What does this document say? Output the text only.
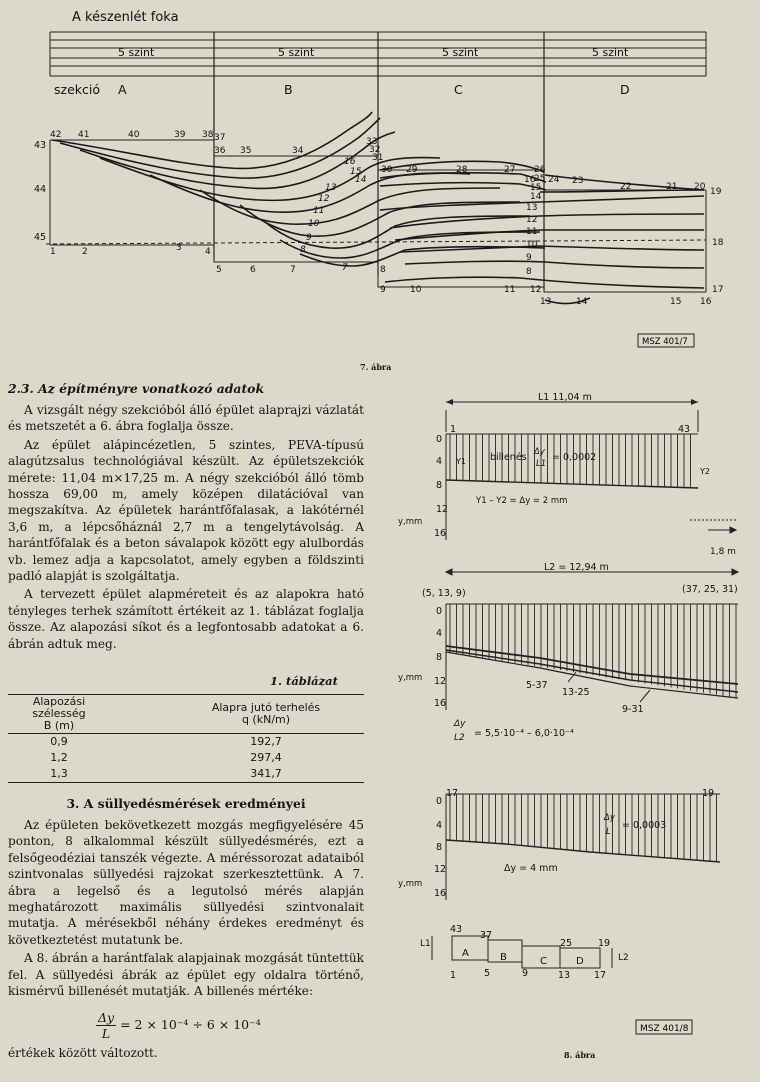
A készenlét foka
5 szint	5 szint	5 szint	5 szint
szekció A	B	C	D
43
44
45
42 41	40	39 38 37
36 35	34
33
32
31
30 29	28	27 26
25 24 23
22	21 20 19
1	2	3	4
5	6	7	8
9	10	11 12
13	14	15 16
17
18
16
15
14
13
12
11
10
9
8
7
16
15
14
13
12
11
10
9
8
MSZ 401/7
7. ábra
2.3. Az építményre vonatkozó adatok

A vizsgált négy szekcióból álló épület alaprajzi vázlatát és metszetét a 6. ábra foglalja össze.

Az épület alápincézetlen, 5 szintes, PEVA-típusú alagútzsalus technológiával készült. Az épületszekciók mérete: 11,04 m×17,25 m. A négy szekcióból álló tömb hossza 69,00 m, amely középen dilatációval van megszakítva. Az épületek harántfőfalasak, a lakótérnél 3,6 m, a lépcsőháznál 2,7 m a tengelytávolság. A harántfőfalak és a beton sávalapok között egy alulbordás vb. lemez adja a kapcsolatot, amely egyben a földszinti padló alapját is szolgáltatja.

A tervezett épület alapméreteit és az alapokra ható tényleges terhek számított értékeit az 1. táblázat foglalja össze. Az alapozási síkot és a legfontosabb adatokat a 6. ábrán adtuk meg.

1. táblázat
Alapozási szélesség
B (m)	Alapra jutó terhelés
q (kN/m)
0,9	192,7
1,2	297,4
1,3	341,7
3. A süllyedésmérések eredményei

Az épületen bekövetkezett mozgás megfigyelésére 45 ponton, 8 alkalommal készült süllyedésmérés, ezt a felsőgeodéziai tanszék végezte. A méréssorozat adataiból szintvonalas süllyedési rajzokat szerkesztettünk. A 7. ábra a legelső és a legutolsó mérés alapján meghatározott maximális süllyedési szintvonalait mutatja. A mérésekből néhány érdekes eredményt és következtetést mutatunk be.

A 8. ábrán a harántfalak alapjainak mozgását tüntettük fel. A süllyedési ábrák az épület egy oldalra történő, kismérvű billenését mutatják. A billenés mértéke:

$\frac{\Delta y}{L} = 2 \times 10^{-4} \div 6 \times 10^{-4}$
értékek között változott.
L1 11,04 m
1	43
0
4
8
12
16
y,mm
billenés Δy
L1
= 0,0002
Y1
Y2
Y1 – Y2 = Δy = 2 mm
1,8 m
L2 = 12,94 m
(5, 13, 9)	(37, 25, 31)
0
4
8
12
16
y,mm
5-37
13-25
9-31
Δy
L2 = 5,5·10⁻⁴ – 6,0·10⁻⁴
17	19
0
4
8
12
16
y,mm
Δy
L
= 0,0003
Δy = 4 mm
43
37
25	19
1	5	9	13	17
A	B	C	D
L1
L2
MSZ 401/8
8. ábra
